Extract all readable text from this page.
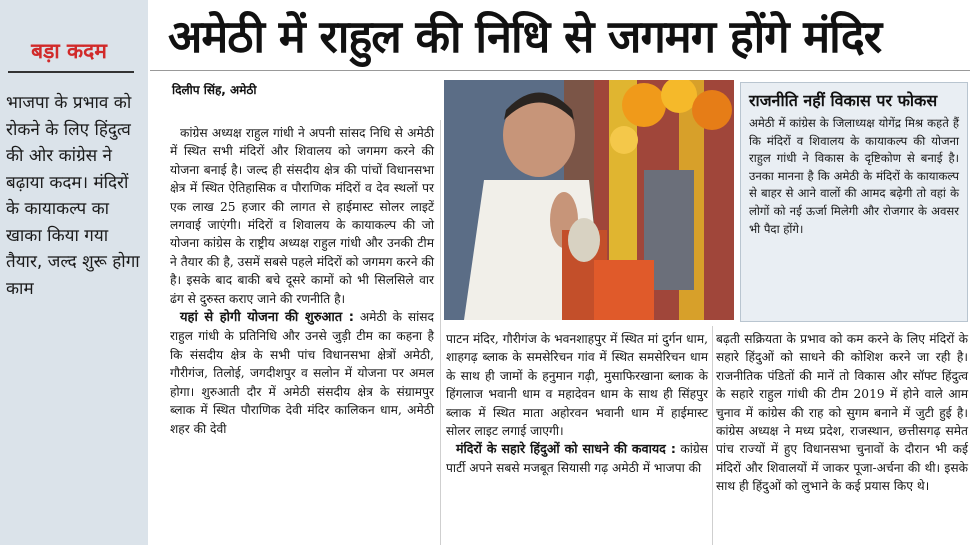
बड़ा कदम
भाजपा के प्रभाव को रोकने के लिए हिंदुत्व की ओर कांग्रेस ने बढ़ाया कदम। मंदिरों के कायाकल्प का खाका किया गया तैयार, जल्द शुरू होगा काम
अमेठी में राहुल की निधि से जगमग होंगे मंदिर
दिलीप सिंह, अमेठी

कांग्रेस अध्यक्ष राहुल गांधी ने अपनी सांसद निधि से अमेठी में स्थित सभी मंदिरों और शिवालय को जगमग करने की योजना बनाई है। जल्द ही संसदीय क्षेत्र की पांचों विधानसभा क्षेत्र में स्थित ऐतिहासिक व पौराणिक मंदिरों व देव स्थलों पर एक लाख 25 हजार की लागत से हाईमास्ट सोलर लाइटें लगवाई जाएंगी। मंदिरों व शिवालय के कायाकल्प की जो योजना कांग्रेस के राष्ट्रीय अध्यक्ष राहुल गांधी और उनकी टीम ने तैयार की है, उसमें सबसे पहले मंदिरों को जगमग करने की है। इसके बाद बाकी बचे दूसरे कामों को भी सिलसिले वार ढंग से दुरुस्त कराए जाने की रणनीति है।

यहां से होगी योजना की शुरुआत : अमेठी के सांसद राहुल गांधी के प्रतिनिधि और उनसे जुड़ी टीम का कहना है कि संसदीय क्षेत्र के सभी पांच विधानसभा क्षेत्रों अमेठी, गौरीगंज, तिलोई, जगदीशपुर व सलोन में योजना पर अमल होगा। शुरुआती दौर में अमेठी संसदीय क्षेत्र के संग्रामपुर ब्लाक में स्थित पौराणिक देवी मंदिर कालिकन धाम, अमेठी शहर की देवी

राजनीति नहीं विकास पर फोकस
अमेठी में कांग्रेस के जिलाध्यक्ष योगेंद्र मिश्र कहते हैं कि मंदिरों व शिवालय के कायाकल्प की योजना राहुल गांधी ने विकास के दृष्टिकोण से बनाई है। उनका मानना है कि अमेठी के मंदिरों के कायाकल्प से बाहर से आने वालों की आमद बढ़ेगी तो वहां के लोगों को नई ऊर्जा मिलेगी और रोजगार के अवसर भी पैदा होंगे।

पाटन मंदिर, गौरीगंज के भवनशाहपुर में स्थित मां दुर्गन धाम, शाहगढ़ ब्लाक के समसेरिचन गांव में स्थित समसेरिचन धाम के साथ ही जामों के हनुमान गढ़ी, मुसाफिरखाना ब्लाक के हिंगलाज भवानी धाम व महादेवन धाम के साथ ही सिंहपुर ब्लाक में स्थित माता अहोरवन भवानी धाम में हाईमास्ट सोलर लाइट लगाई जाएगी।

मंदिरों के सहारे हिंदुओं को साधने की कवायद : कांग्रेस पार्टी अपने सबसे मजबूत सियासी गढ़ अमेठी में भाजपा की

बढ़ती सक्रियता के प्रभाव को कम करने के लिए मंदिरों के सहारे हिंदुओं को साधने की कोशिश करने जा रही है। राजनीतिक पंडितों की मानें तो विकास और सॉफ्ट हिंदुत्व के सहारे राहुल गांधी की टीम 2019 में होने वाले आम चुनाव में कांग्रेस की राह को सुगम बनाने में जुटी हुई है। कांग्रेस अध्यक्ष ने मध्य प्रदेश, राजस्थान, छत्तीसगढ़ समेत पांच राज्यों में हुए विधानसभा चुनावों के दौरान भी कई मंदिरों और शिवालयों में जाकर पूजा-अर्चना की थी। इसके साथ ही हिंदुओं को लुभाने के कई प्रयास किए थे।
